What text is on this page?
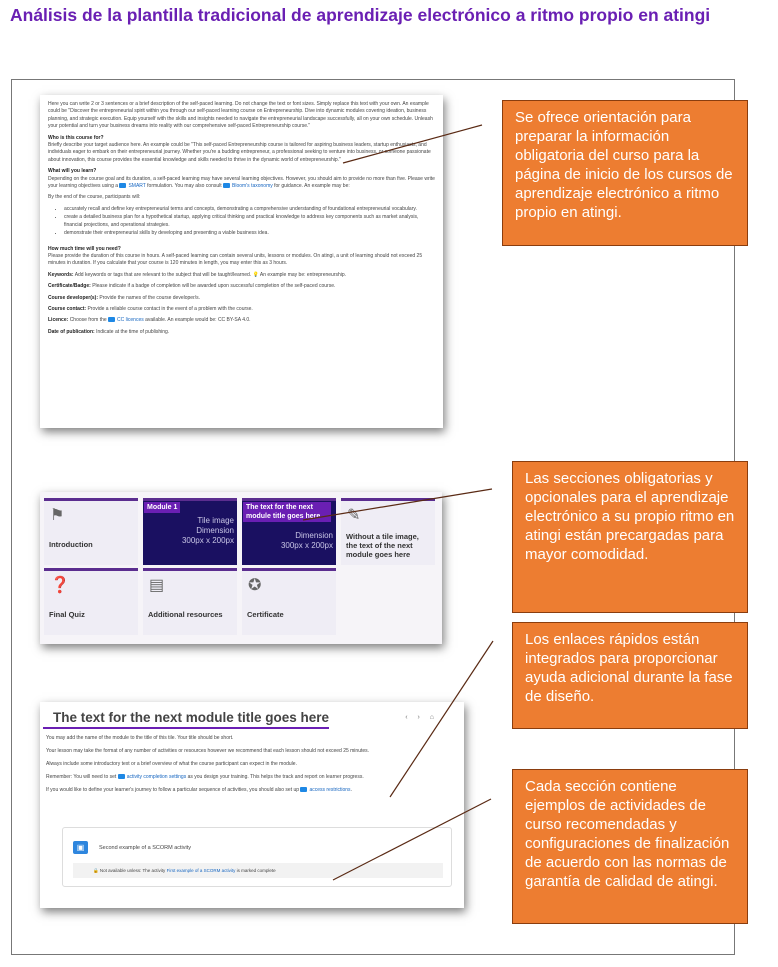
Análisis de la plantilla tradicional de aprendizaje electrónico a ritmo propio en atingi

Here you can write 2 or 3 sentences or a brief description of the self-paced learning. Do not change the text or font sizes. Simply replace this text with your own. An example could be "Discover the entrepreneurial spirit within you through our self-paced learning course on Entrepreneurship. Dive into dynamic modules covering ideation, business planning, and strategic execution. Equip yourself with the skills and insights needed to navigate the entrepreneurial landscape successfully, all on your own schedule. Unleash your potential and turn your business dreams into reality with our comprehensive self-paced Entrepreneurship course."

Who is this course for?
Briefly describe your target audience here. An example could be "This self-paced Entrepreneurship course is tailored for aspiring business leaders, startup enthusiasts, and individuals eager to embark on their entrepreneurial journey. Whether you're a budding entrepreneur, a professional seeking to venture into business, or someone passionate about innovation, this course provides the essential knowledge and skills needed to thrive in the dynamic world of entrepreneurship."

What will you learn?
Depending on the course goal and its duration, a self-paced learning may have several learning objectives. However, you should aim to provide no more than five. Please write your learning objectives using a SMART formulation. You may also consult Bloom's taxonomy for guidance. An example may be:

By the end of the course, participants will:

• accurately recall and define key entrepreneurial terms and concepts, demonstrating a comprehensive understanding of foundational entrepreneurial vocabulary.
• create a detailed business plan for a hypothetical startup, applying critical thinking and practical knowledge to address key components such as market analysis, financial projections, and operational strategies.
• demonstrate their entrepreneurial skills by developing and presenting a viable business idea.

How much time will you need?
Please provide the duration of this course in hours. A self-paced learning can contain several units, lessons or modules. On atingi, a unit of learning should not exceed 25 minutes in duration. If you calculate that your course is 120 minutes in length, you may enter this as 3 hours.

Keywords: Add keywords or tags that are relevant to the subject that will be taught/learned. 💡 An example may be: entrepreneurship.

Certificate/Badge: Please indicate if a badge of completion will be awarded upon successful completion of the self-paced course.

Course developer(s): Provide the names of the course developer/s.

Course contact: Provide a reliable course contact in the event of a problem with the course.

Licence: Choose from the CC licences available. An example would be: CC BY-SA 4.0.

Date of publication: Indicate at the time of publishing.

⚑
Introduction
Module 1
Tile image
Dimension
300px x 200px
The text for the next module title goes here
Dimension
300px x 200px
✎
Without a tile image, the text of the next module goes here
❓
Final Quiz
▤
Additional resources
✪
Certificate
The text for the next module title goes here	‹ › ⌂

You may add the name of the module to the title of this tile. Your title should be short.

Your lesson may take the format of any number of activities or resources however we recommend that each lesson should not exceed 25 minutes.

Always include some introductory text or a brief overview of what the course participant can expect in the module.

Remember: You will need to set activity completion settings as you design your training. This helps the track and report on learner progress.

If you would like to define your learner's journey to follow a particular sequence of activities, you should also set up access restrictions.

▣	Second example of a SCORM activity
🔒 Not available unless: The activity First example of a SCORM activity is marked complete
Se ofrece orientación para preparar la información obligatoria del curso para la página de inicio de los cursos de aprendizaje electrónico a ritmo propio en atingi.
Las secciones obligatorias y opcionales para el aprendizaje electrónico a su propio ritmo en atingi están precargadas para mayor comodidad.
Los enlaces rápidos están integrados para proporcionar ayuda adicional durante la fase de diseño.
Cada sección contiene ejemplos de actividades de curso recomendadas y configuraciones de finalización de acuerdo con las normas de garantía de calidad de atingi.
